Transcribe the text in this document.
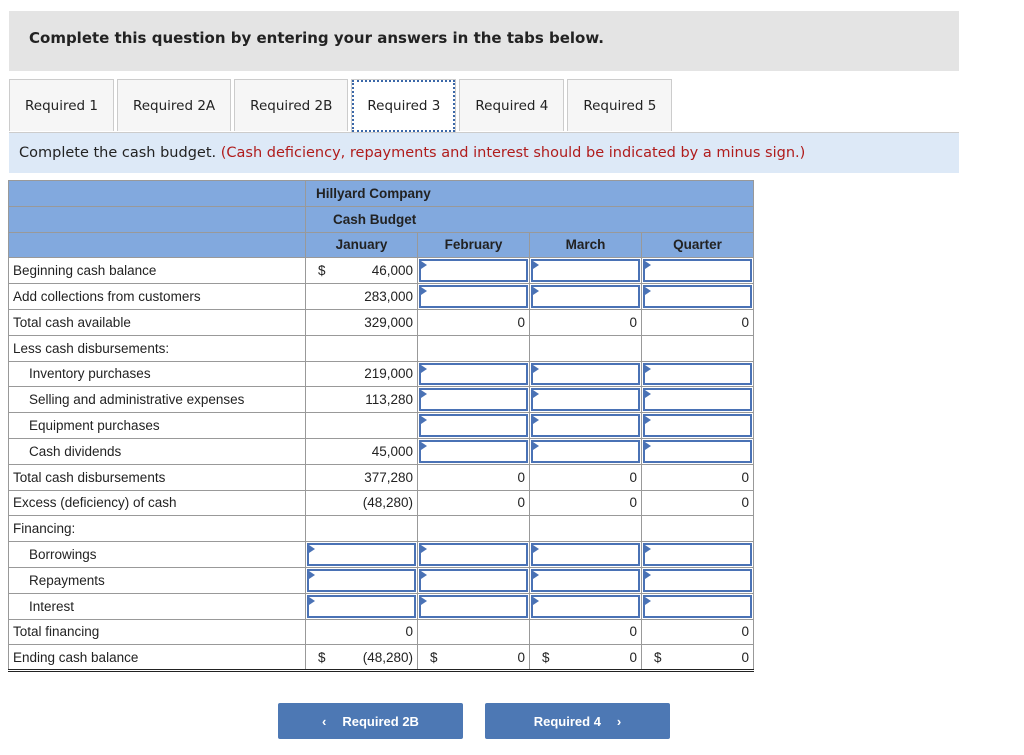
Complete this question by entering your answers in the tabs below.
Required 1	Required 2A	Required 2B	Required 3	Required 4	Required 5
Complete the cash budget. (Cash deficiency, repayments and interest should be indicated by a minus sign.)
	Hillyard Company			
	Cash Budget			
	January	February	March	Quarter
Beginning cash balance	$ 46,000	

Add collections from customers	283,000	

Total cash available	329,000	0	0	0
Less cash disbursements:				
Inventory purchases	219,000	

Selling and administrative expenses	113,280	

Equipment purchases		

Cash dividends	45,000	

Total cash disbursements	377,280	0	0	0
Excess (deficiency) of cash	(48,280)	0	0	0
Financing:				
Borrowings	

Repayments	

Interest	

Total financing	0		0	0
Ending cash balance	$ (48,280)	$ 0	$ 0	$ 0
‹ Required 2B	Required 4 ›
